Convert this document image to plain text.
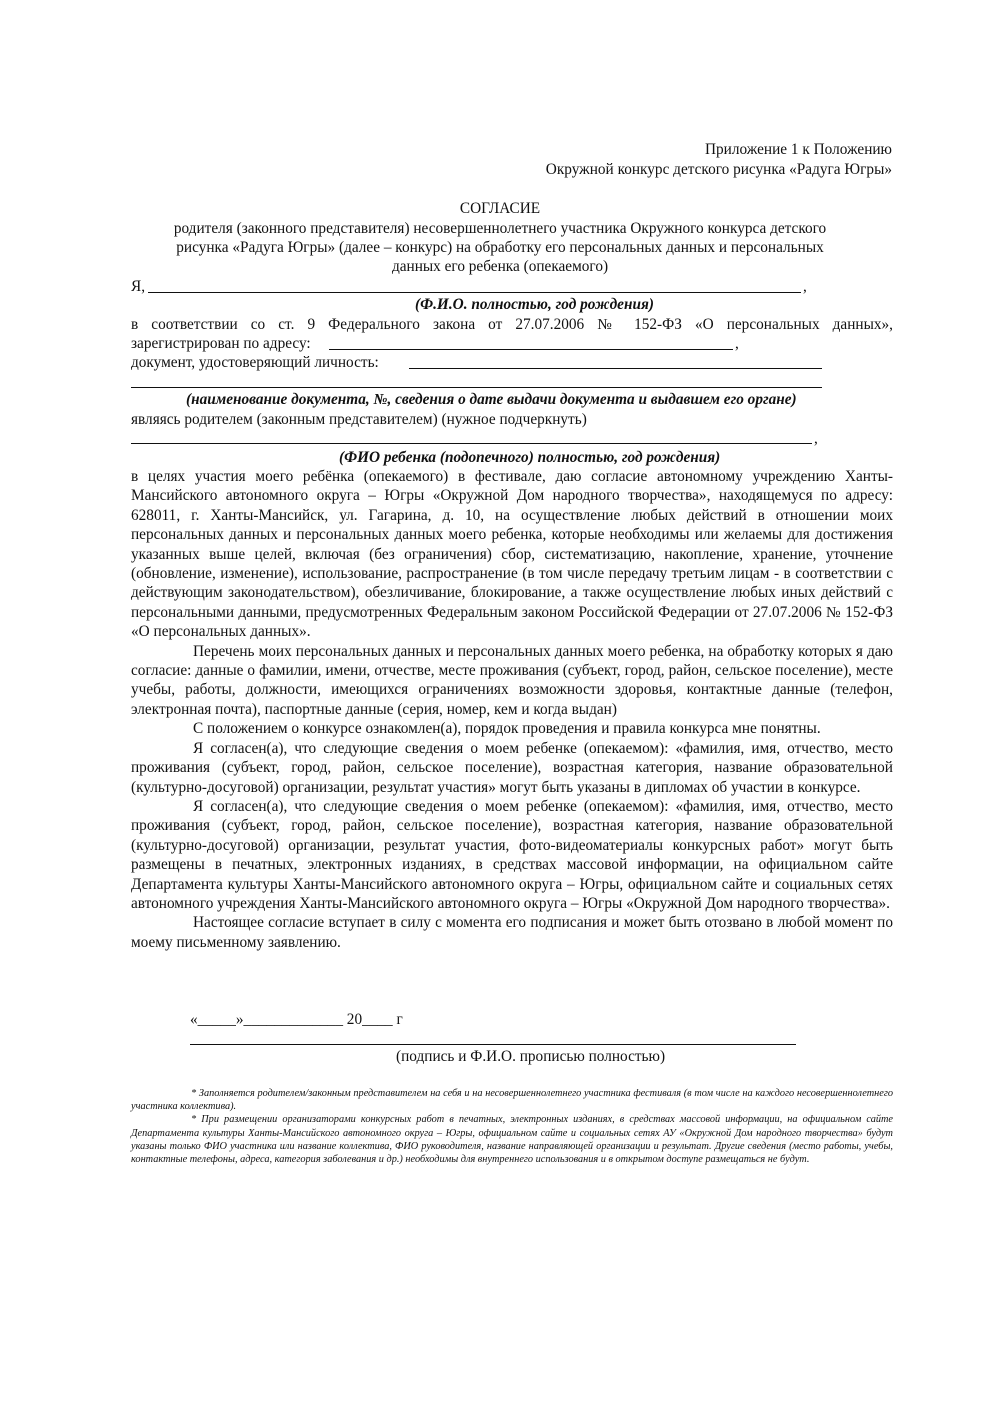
Приложение 1 к Положению
Окружной конкурс детского рисунка «Радуга Югры»
СОГЛАСИЕ
родителя (законного представителя) несовершеннолетнего участника Окружного конкурса детского
рисунка «Радуга Югры» (далее – конкурс) на обработку его персональных данных и персональных
данных его ребенка (опекаемого)
Я,	,
(Ф.И.О. полностью, год рождения)
в соответствии со ст. 9 Федерального закона от 27.07.2006 № 152-ФЗ «О персональных данных»,
зарегистрирован по адресу:	,
документ, удостоверяющий личность:
(наименование документа, №, сведения о дате выдачи документа и выдавшем его органе)
являясь родителем (законным представителем) (нужное подчеркнуть)
,
(ФИО ребенка (подопечного) полностью, год рождения)

в целях участия моего ребёнка (опекаемого) в фестивале, даю согласие автономному учреждению Ханты-Мансийского автономного округа – Югры «Окружной Дом народного творчества», находящемуся по адресу: 628011, г. Ханты-Мансийск, ул. Гагарина, д. 10, на осуществление любых действий в отношении моих персональных данных и персональных данных моего ребенка, которые необходимы или желаемы для достижения указанных выше целей, включая (без ограничения) сбор, систематизацию, накопление, хранение, уточнение (обновление, изменение), использование, распространение (в том числе передачу третьим лицам - в соответствии с действующим законодательством), обезличивание, блокирование, а также осуществление любых иных действий с персональными данными, предусмотренных Федеральным законом Российской Федерации от 27.07.2006 № 152-ФЗ «О персональных данных».

Перечень моих персональных данных и персональных данных моего ребенка, на обработку которых я даю согласие: данные о фамилии, имени, отчестве, месте проживания (субъект, город, район, сельское поселение), месте учебы, работы, должности, имеющихся ограничениях возможности здоровья, контактные данные (телефон, электронная почта), паспортные данные (серия, номер, кем и когда выдан)

С положением о конкурсе ознакомлен(а), порядок проведения и правила конкурса мне понятны.

Я согласен(а), что следующие сведения о моем ребенке (опекаемом): «фамилия, имя, отчество, место проживания (субъект, город, район, сельское поселение), возрастная категория, название образовательной (культурно-досуговой) организации, результат участия» могут быть указаны в дипломах об участии в конкурсе.

Я согласен(а), что следующие сведения о моем ребенке (опекаемом): «фамилия, имя, отчество, место проживания (субъект, город, район, сельское поселение), возрастная категория, название образовательной (культурно-досуговой) организации, результат участия, фото-видеоматериалы конкурсных работ» могут быть размещены в печатных, электронных изданиях, в средствах массовой информации, на официальном сайте Департамента культуры Ханты-Мансийского автономного округа – Югры, официальном сайте и социальных сетях автономного учреждения Ханты-Мансийского автономного округа – Югры «Окружной Дом народного творчества».

Настоящее согласие вступает в силу с момента его подписания и может быть отозвано в любой момент по моему письменному заявлению.

«_____»_____________ 20____ г
(подпись и Ф.И.О. прописью полностью)

* Заполняется родителем/законным представителем на себя и на несовершеннолетнего участника фестиваля (в том числе на каждого несовершеннолетнего участника коллектива).

* При размещении организаторами конкурсных работ в печатных, электронных изданиях, в средствах массовой информации, на официальном сайте Департамента культуры Ханты-Мансийского автономного округа – Югры, официальном сайте и социальных сетях АУ «Окружной Дом народного творчества» будут указаны только ФИО участника или название коллектива, ФИО руководителя, название направляющей организации и результат. Другие сведения (место работы, учебы, контактные телефоны, адреса, категория заболевания и др.) необходимы для внутреннего использования и в открытом доступе размещаться не будут.
